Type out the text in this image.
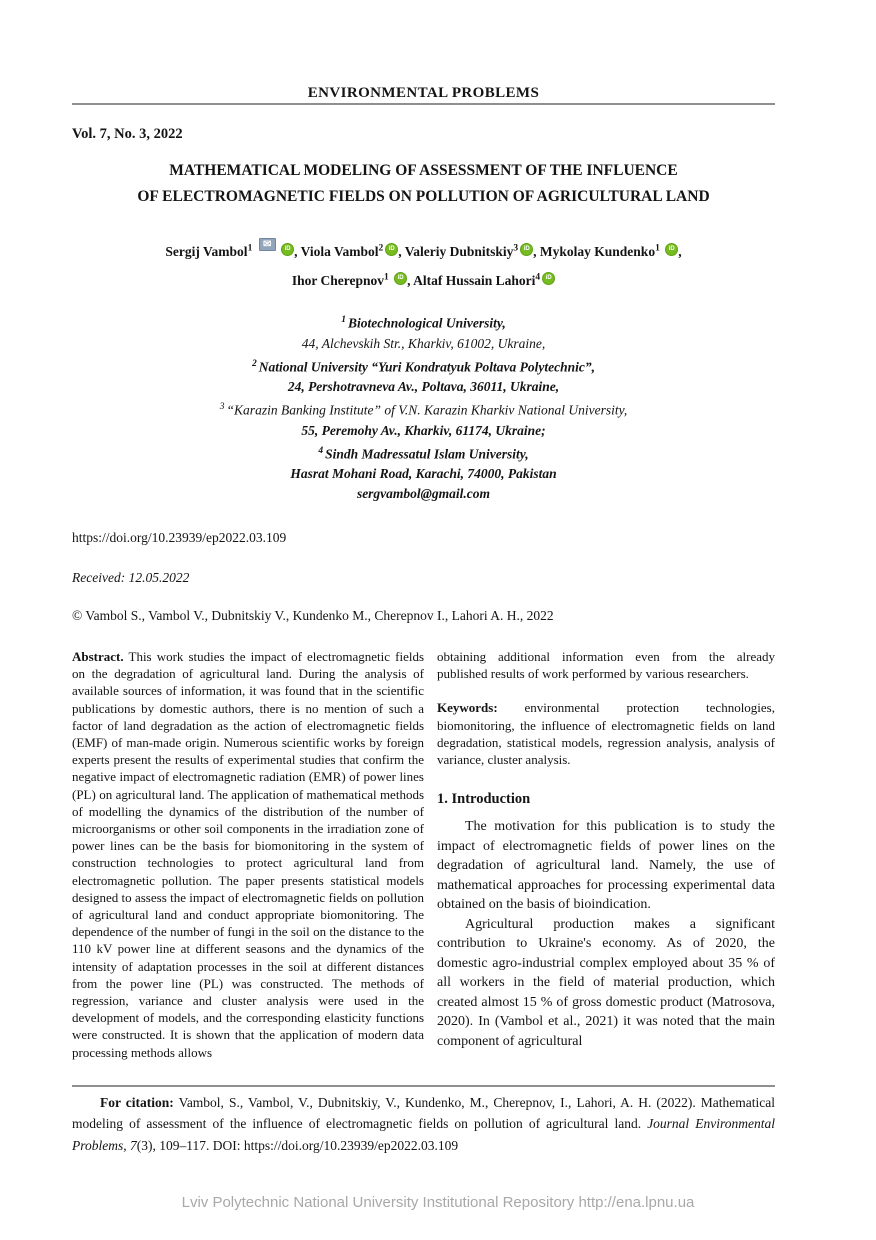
ENVIRONMENTAL PROBLEMS
Vol. 7, No. 3, 2022
MATHEMATICAL MODELING OF ASSESSMENT OF THE INFLUENCE
OF ELECTROMAGNETIC FIELDS ON POLLUTION OF AGRICULTURAL LAND
Sergij Vambol$^1$ ✉ iD , Viola Vambol$^2$ iD , Valeriy Dubnitskiy$^3$ iD , Mykolay Kundenko$^1$ iD ,
Ihor Cherepnov$^1$ iD , Altaf Hussain Lahori$^4$ iD
$^1$ Biotechnological University,
44, Alchevskih Str., Kharkiv, 61002, Ukraine,
$^2$ National University “Yuri Kondratyuk Poltava Polytechnic”,
24, Pershotravneva Av., Poltava, 36011, Ukraine,
$^3$ “Karazin Banking Institute” of V.N. Karazin Kharkiv National University,
55, Peremohy Av., Kharkiv, 61174, Ukraine;
$^4$ Sindh Madressatul Islam University,
Hasrat Mohani Road, Karachi, 74000, Pakistan
sergvambol@gmail.com
https://doi.org/10.23939/ep2022.03.109
Received: 12.05.2022
© Vambol S., Vambol V., Dubnitskiy V., Kundenko M., Cherepnov I., Lahori A. H., 2022

Abstract. This work studies the impact of electromagnetic fields on the degradation of agricultural land. During the analysis of available sources of information, it was found that in the scientific publications by domestic authors, there is no mention of such a factor of land degradation as the action of electromagnetic fields (EMF) of man-made origin. Numerous scientific works by foreign experts present the results of experimental studies that confirm the negative impact of electromagnetic radiation (EMR) of power lines (PL) on agricultural land. The application of mathematical methods of modelling the dynamics of the distribution of the number of microorganisms or other soil components in the irradiation zone of power lines can be the basis for biomonitoring in the system of construction technologies to protect agricultural land from electromagnetic pollution. The paper presents statistical models designed to assess the impact of electromagnetic fields on pollution of agricultural land and conduct appropriate biomonitoring. The dependence of the number of fungi in the soil on the distance to the 110 kV power line at different seasons and the dynamics of the intensity of adaptation processes in the soil at different distances from the power line (PL) was constructed. The methods of regression, variance and cluster analysis were used in the development of models, and the corresponding elasticity functions were constructed. It is shown that the application of modern data processing methods allows

obtaining additional information even from the already published results of work performed by various researchers.

Keywords: environmental protection technologies, biomonitoring, the influence of electromagnetic fields on land degradation, statistical models, regression analysis, analysis of variance, cluster analysis.

1. Introduction

The motivation for this publication is to study the impact of electromagnetic fields of power lines on the degradation of agricultural land. Namely, the use of mathematical approaches for processing experimental data obtained on the basis of bioindication.

Agricultural production makes a significant contribution to Ukraine's economy. As of 2020, the domestic agro-industrial complex employed about 35 % of all workers in the field of material production, which created almost 15 % of gross domestic product (Matrosova, 2020). In (Vambol et al., 2021) it was noted that the main component of agricultural

For citation: Vambol, S., Vambol, V., Dubnitskiy, V., Kundenko, M., Cherepnov, I., Lahori, A. H. (2022). Mathematical modeling of assessment of the influence of electromagnetic fields on pollution of agricultural land. Journal Environmental Problems, 7(3), 109–117. DOI: https://doi.org/10.23939/ep2022.03.109

Lviv Polytechnic National University Institutional Repository http://ena.lpnu.ua
